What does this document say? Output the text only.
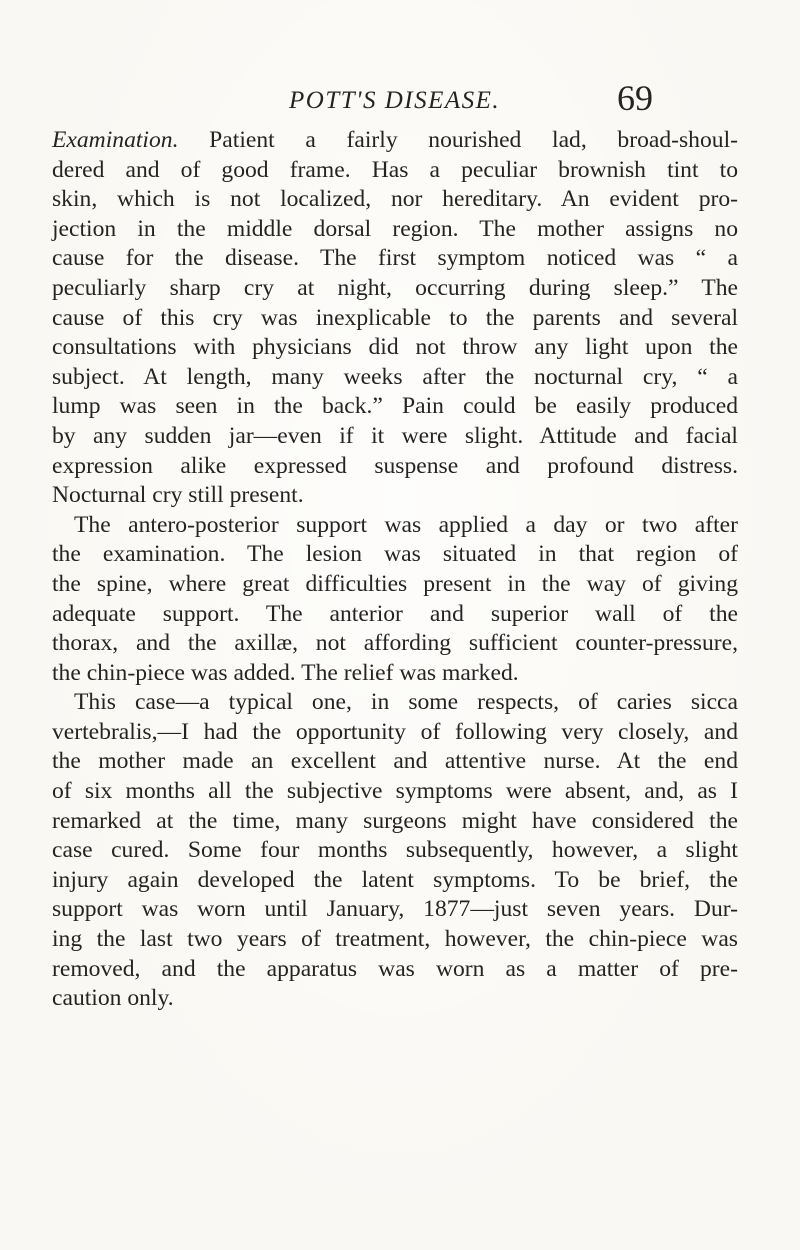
POTT'S DISEASE.	69
Examination. Patient a fairly nourished lad, broad-shoul-
dered and of good frame. Has a peculiar brownish tint to
skin, which is not localized, nor hereditary. An evident pro-
jection in the middle dorsal region. The mother assigns no
cause for the disease. The first symptom noticed was “ a
peculiarly sharp cry at night, occurring during sleep.” The
cause of this cry was inexplicable to the parents and several
consultations with physicians did not throw any light upon the
subject. At length, many weeks after the nocturnal cry, “ a
lump was seen in the back.” Pain could be easily produced
by any sudden jar—even if it were slight. Attitude and facial
expression alike expressed suspense and profound distress.
Nocturnal cry still present.
The antero-posterior support was applied a day or two after
the examination. The lesion was situated in that region of
the spine, where great difficulties present in the way of giving
adequate support. The anterior and superior wall of the
thorax, and the axillæ, not affording sufficient counter-pressure,
the chin-piece was added. The relief was marked.
This case—a typical one, in some respects, of caries sicca
vertebralis,—I had the opportunity of following very closely, and
the mother made an excellent and attentive nurse. At the end
of six months all the subjective symptoms were absent, and, as I
remarked at the time, many surgeons might have considered the
case cured. Some four months subsequently, however, a slight
injury again developed the latent symptoms. To be brief, the
support was worn until January, 1877—just seven years. Dur-
ing the last two years of treatment, however, the chin-piece was
removed, and the apparatus was worn as a matter of pre-
caution only.
